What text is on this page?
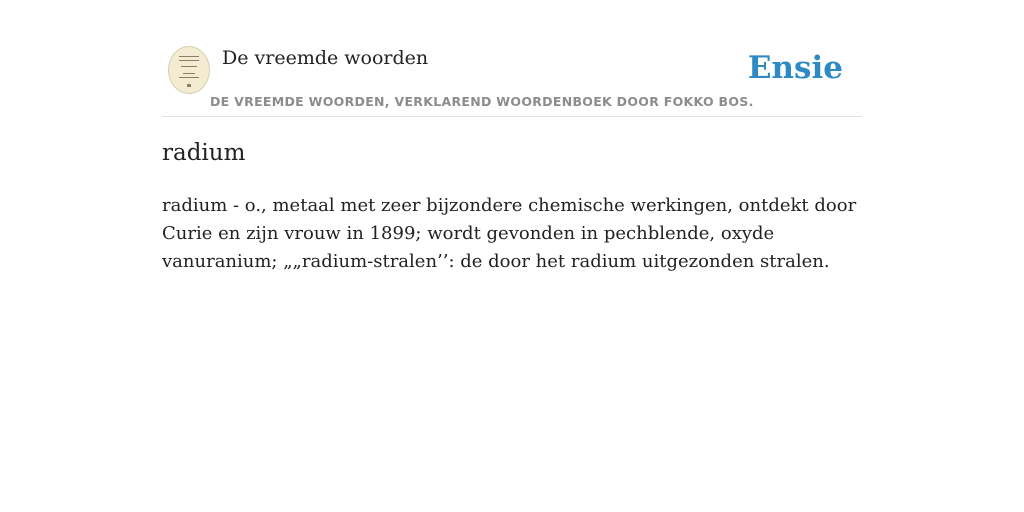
De vreemde woorden
DE VREEMDE WOORDEN, VERKLAREND WOORDENBOEK DOOR FOKKO BOS.
Ensie
radium

radium - o., metaal met zeer bijzondere chemische werkingen, ontdekt door Curie en zijn vrouw in 1899; wordt gevonden in pechblende, oxyde vanuranium; „„radium-stralen’’: de door het radium uitgezonden stralen.
